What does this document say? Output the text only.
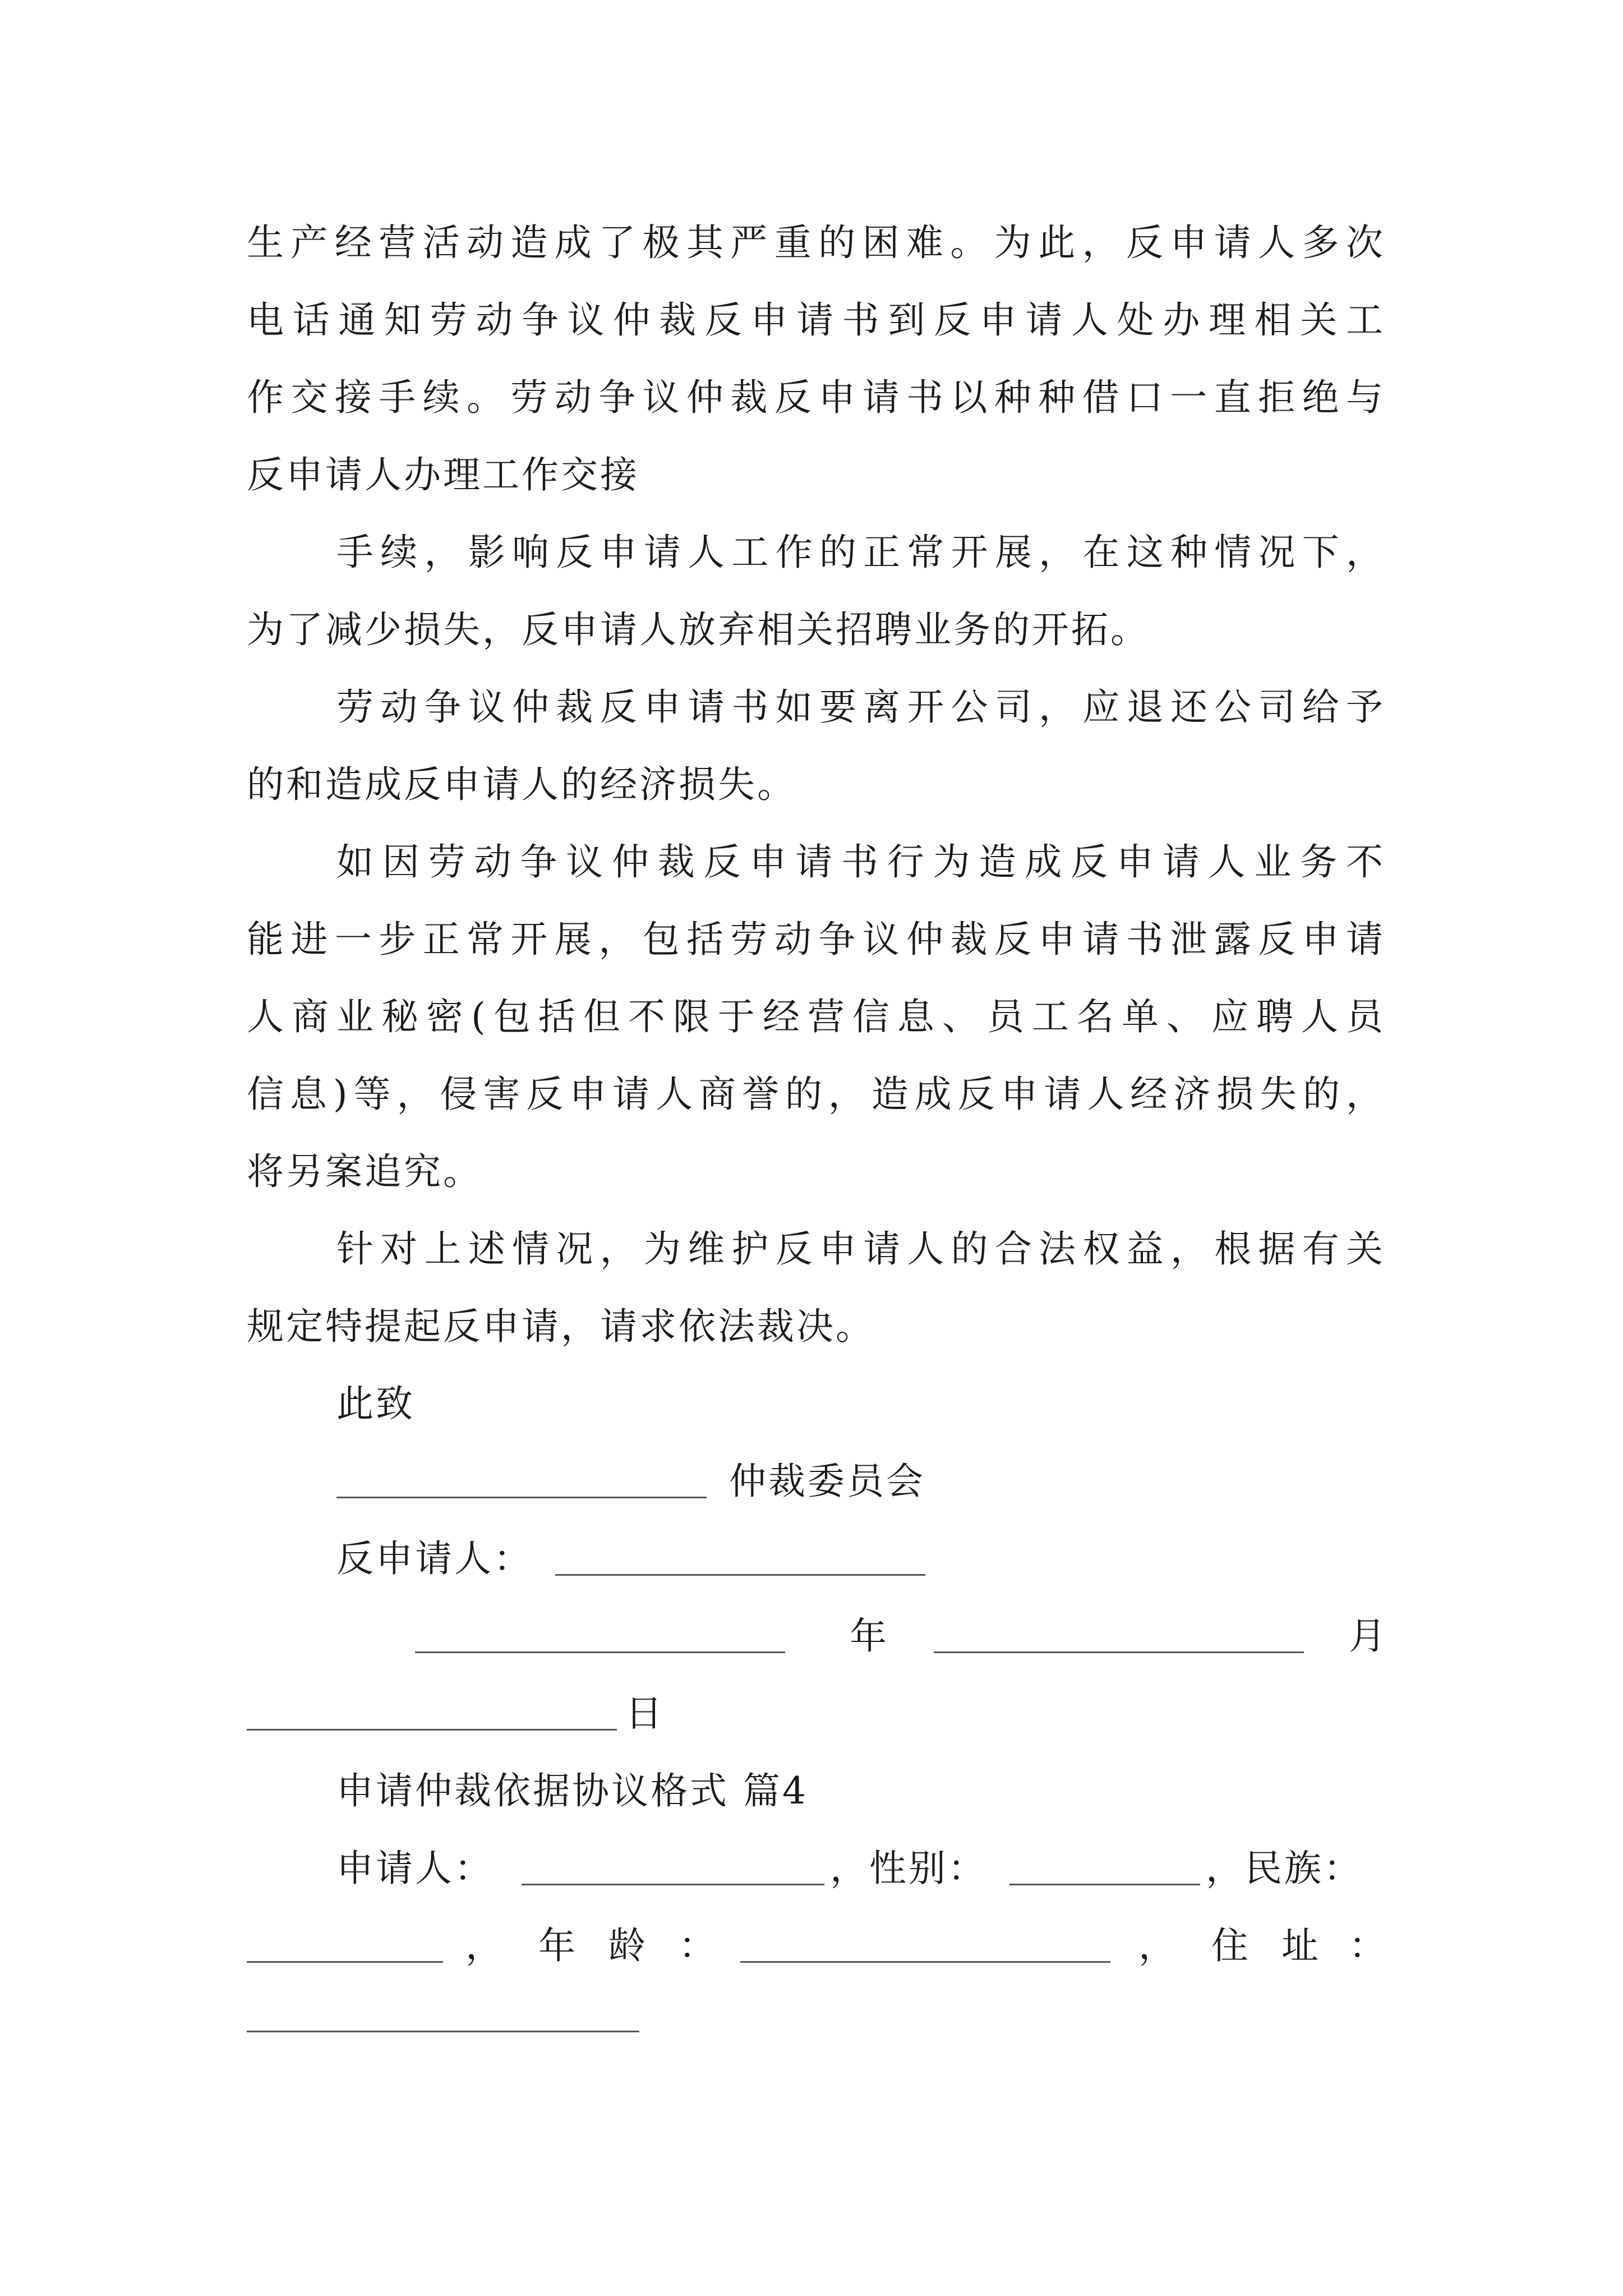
生产经营活动造成了极其严重的困难。为此，反申请人多次
电话通知劳动争议仲裁反申请书到反申请人处办理相关工
作交接手续。劳动争议仲裁反申请书以种种借口一直拒绝与
反申请人办理工作交接
手续，影响反申请人工作的正常开展，在这种情况下，
为了减少损失，反申请人放弃相关招聘业务的开拓。
劳动争议仲裁反申请书如要离开公司，应退还公司给予
的和造成反申请人的经济损失。
如因劳动争议仲裁反申请书行为造成反申请人业务不
能进一步正常开展，包括劳动争议仲裁反申请书泄露反申请
人商业秘密(包括但不限于经营信息、员工名单、应聘人员
信息)等，侵害反申请人商誉的，造成反申请人经济损失的，
将另案追究。
针对上述情况，为维护反申请人的合法权益，根据有关
规定特提起反申请，请求依法裁决。
此致
仲裁委员会
反申请人：
年	月
日
申请仲裁依据协议格式 篇4
申请人：	，性别：	，民族：
， 年 龄 ：	， 住 址 ：
